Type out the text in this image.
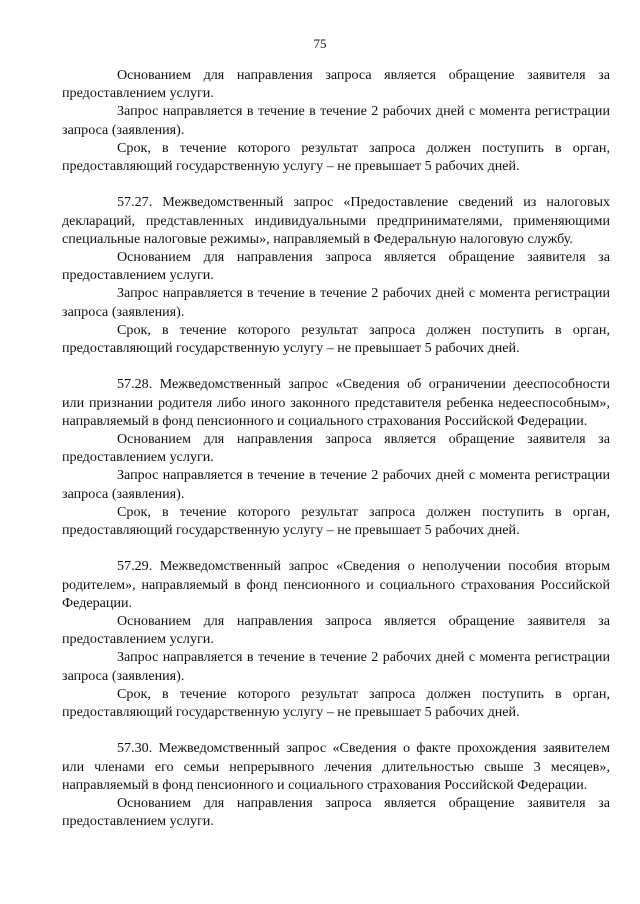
75

Основанием для направления запроса является обращение заявителя за предоставлением услуги.

Запрос направляется в течение в течение 2 рабочих дней с момента регистрации запроса (заявления).

Срок, в течение которого результат запроса должен поступить в орган, предоставляющий государственную услугу – не превышает 5 рабочих дней.

57.27. Межведомственный запрос «Предоставление сведений из налоговых деклараций, представленных индивидуальными предпринимателями, применяющими специальные налоговые режимы», направляемый в Федеральную налоговую службу.

Основанием для направления запроса является обращение заявителя за предоставлением услуги.

Запрос направляется в течение в течение 2 рабочих дней с момента регистрации запроса (заявления).

Срок, в течение которого результат запроса должен поступить в орган, предоставляющий государственную услугу – не превышает 5 рабочих дней.

57.28. Межведомственный запрос «Сведения об ограничении дееспособности или признании родителя либо иного законного представителя ребенка недееспособным», направляемый в фонд пенсионного и социального страхования Российской Федерации.

Основанием для направления запроса является обращение заявителя за предоставлением услуги.

Запрос направляется в течение в течение 2 рабочих дней с момента регистрации запроса (заявления).

Срок, в течение которого результат запроса должен поступить в орган, предоставляющий государственную услугу – не превышает 5 рабочих дней.

57.29. Межведомственный запрос «Сведения о неполучении пособия вторым родителем», направляемый в фонд пенсионного и социального страхования Российской Федерации.

Основанием для направления запроса является обращение заявителя за предоставлением услуги.

Запрос направляется в течение в течение 2 рабочих дней с момента регистрации запроса (заявления).

Срок, в течение которого результат запроса должен поступить в орган, предоставляющий государственную услугу – не превышает 5 рабочих дней.

57.30. Межведомственный запрос «Сведения о факте прохождения заявителем или членами его семьи непрерывного лечения длительностью свыше 3 месяцев», направляемый в фонд пенсионного и социального страхования Российской Федерации.

Основанием для направления запроса является обращение заявителя за предоставлением услуги.
